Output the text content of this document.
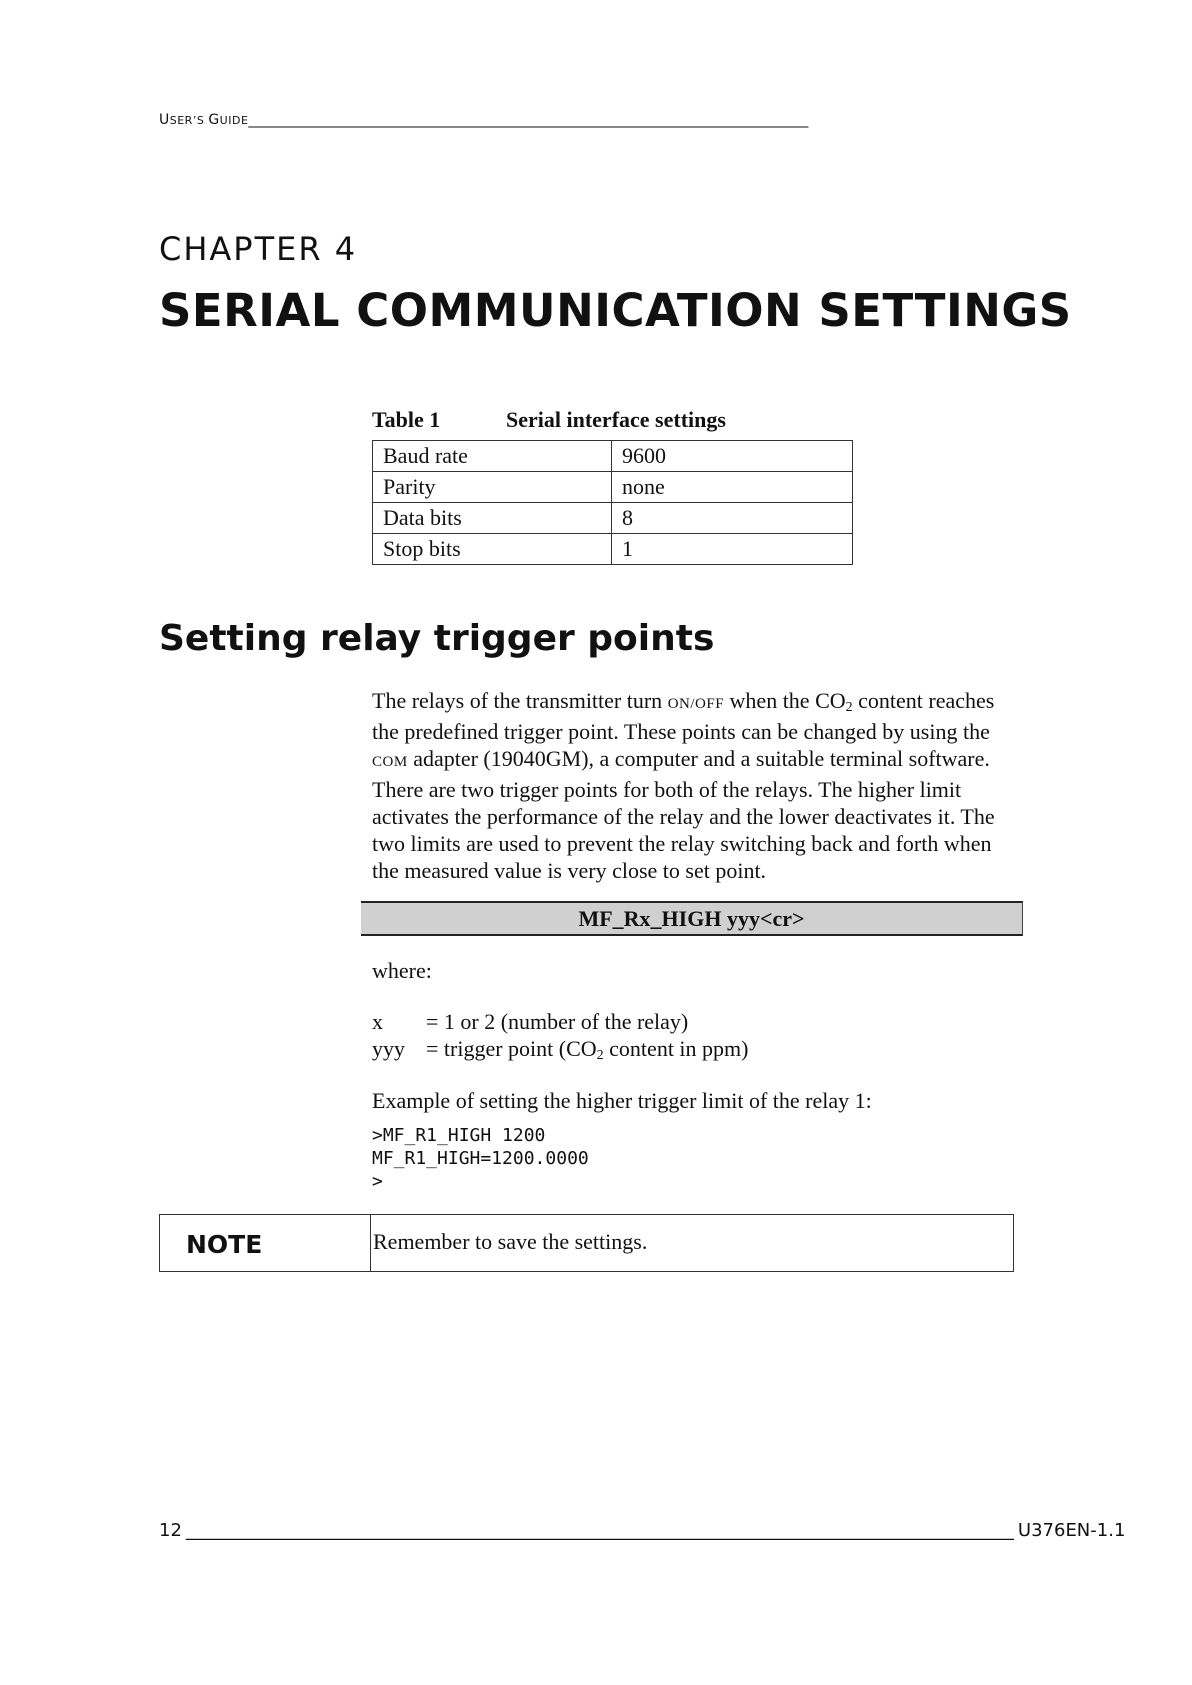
USER’S GUIDE________________________________________________________________________________
CHAPTER 4
SERIAL COMMUNICATION SETTINGS
Table 1	Serial interface settings
Baud rate	9600
Parity	none
Data bits	8
Stop bits	1
Setting relay trigger points
The relays of the transmitter turn ON/OFF when the $CO_2$ content reaches the predefined trigger point. These points can be changed by using the COM adapter (19040GM), a computer and a suitable terminal software. There are two trigger points for both of the relays. The higher limit activates the performance of the relay and the lower deactivates it. The two limits are used to prevent the relay switching back and forth when the measured value is very close to set point.
MF_Rx_HIGH yyy<cr>
where:
x = 1 or 2 (number of the relay)
yyy = trigger point ($CO_2$ content in ppm)
Example of setting the higher trigger limit of the relay 1:
>MF_R1_HIGH 1200
MF_R1_HIGH=1200.0000
>
NOTE	Remember to save the settings.
12 ____________________________________________________________________________________________ U376EN-1.1
